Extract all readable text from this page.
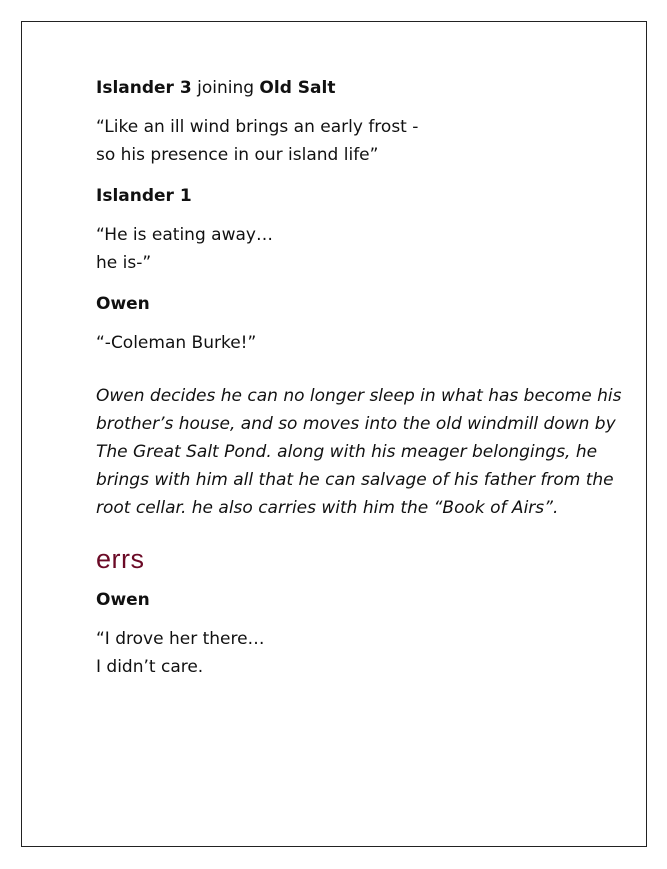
Islander 3 joining Old Salt

“Like an ill wind brings an early frost -

so his presence in our island life”

Islander 1

“He is eating away…

he is-”

Owen

“-Coleman Burke!”

Owen decides he can no longer sleep in what has become his
brother’s house, and so moves into the old windmill down by
The Great Salt Pond. along with his meager belongings, he
brings with him all that he can salvage of his father from the
root cellar. he also carries with him the “Book of Airs”.
errs
Owen

“I drove her there…

I didn’t care.
